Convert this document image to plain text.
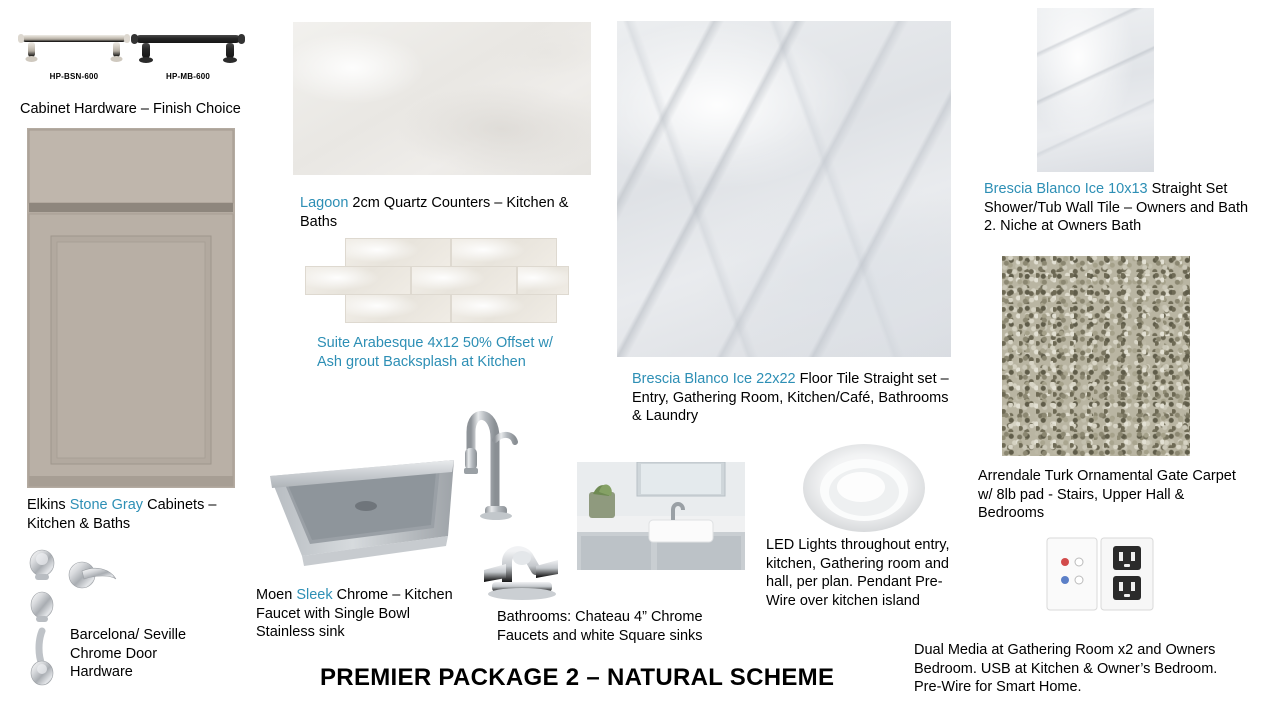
HP-BSN-600	HP-MB-600
Cabinet Hardware – Finish Choice
Elkins Stone Gray Cabinets – Kitchen & Baths
Barcelona/ Seville Chrome Door Hardware
Lagoon 2cm Quartz Counters – Kitchen & Baths
Suite Arabesque 4x12 50% Offset w/ Ash grout Backsplash at Kitchen
Moen Sleek Chrome – Kitchen Faucet with Single Bowl Stainless sink
Bathrooms: Chateau 4” Chrome Faucets and white Square sinks
Brescia Blanco Ice 22x22 Floor Tile Straight set – Entry, Gathering Room, Kitchen/Café, Bathrooms & Laundry
LED Lights throughout entry, kitchen, Gathering room and hall, per plan. Pendant Pre-Wire over kitchen island
Brescia Blanco Ice 10x13 Straight Set Shower/Tub Wall Tile – Owners and Bath 2. Niche at Owners Bath
Arrendale Turk Ornamental Gate Carpet w/ 8lb pad - Stairs, Upper Hall & Bedrooms
Dual Media at Gathering Room x2 and Owners Bedroom. USB at Kitchen & Owner’s Bedroom. Pre-Wire for Smart Home.
PREMIER PACKAGE 2 – NATURAL SCHEME
